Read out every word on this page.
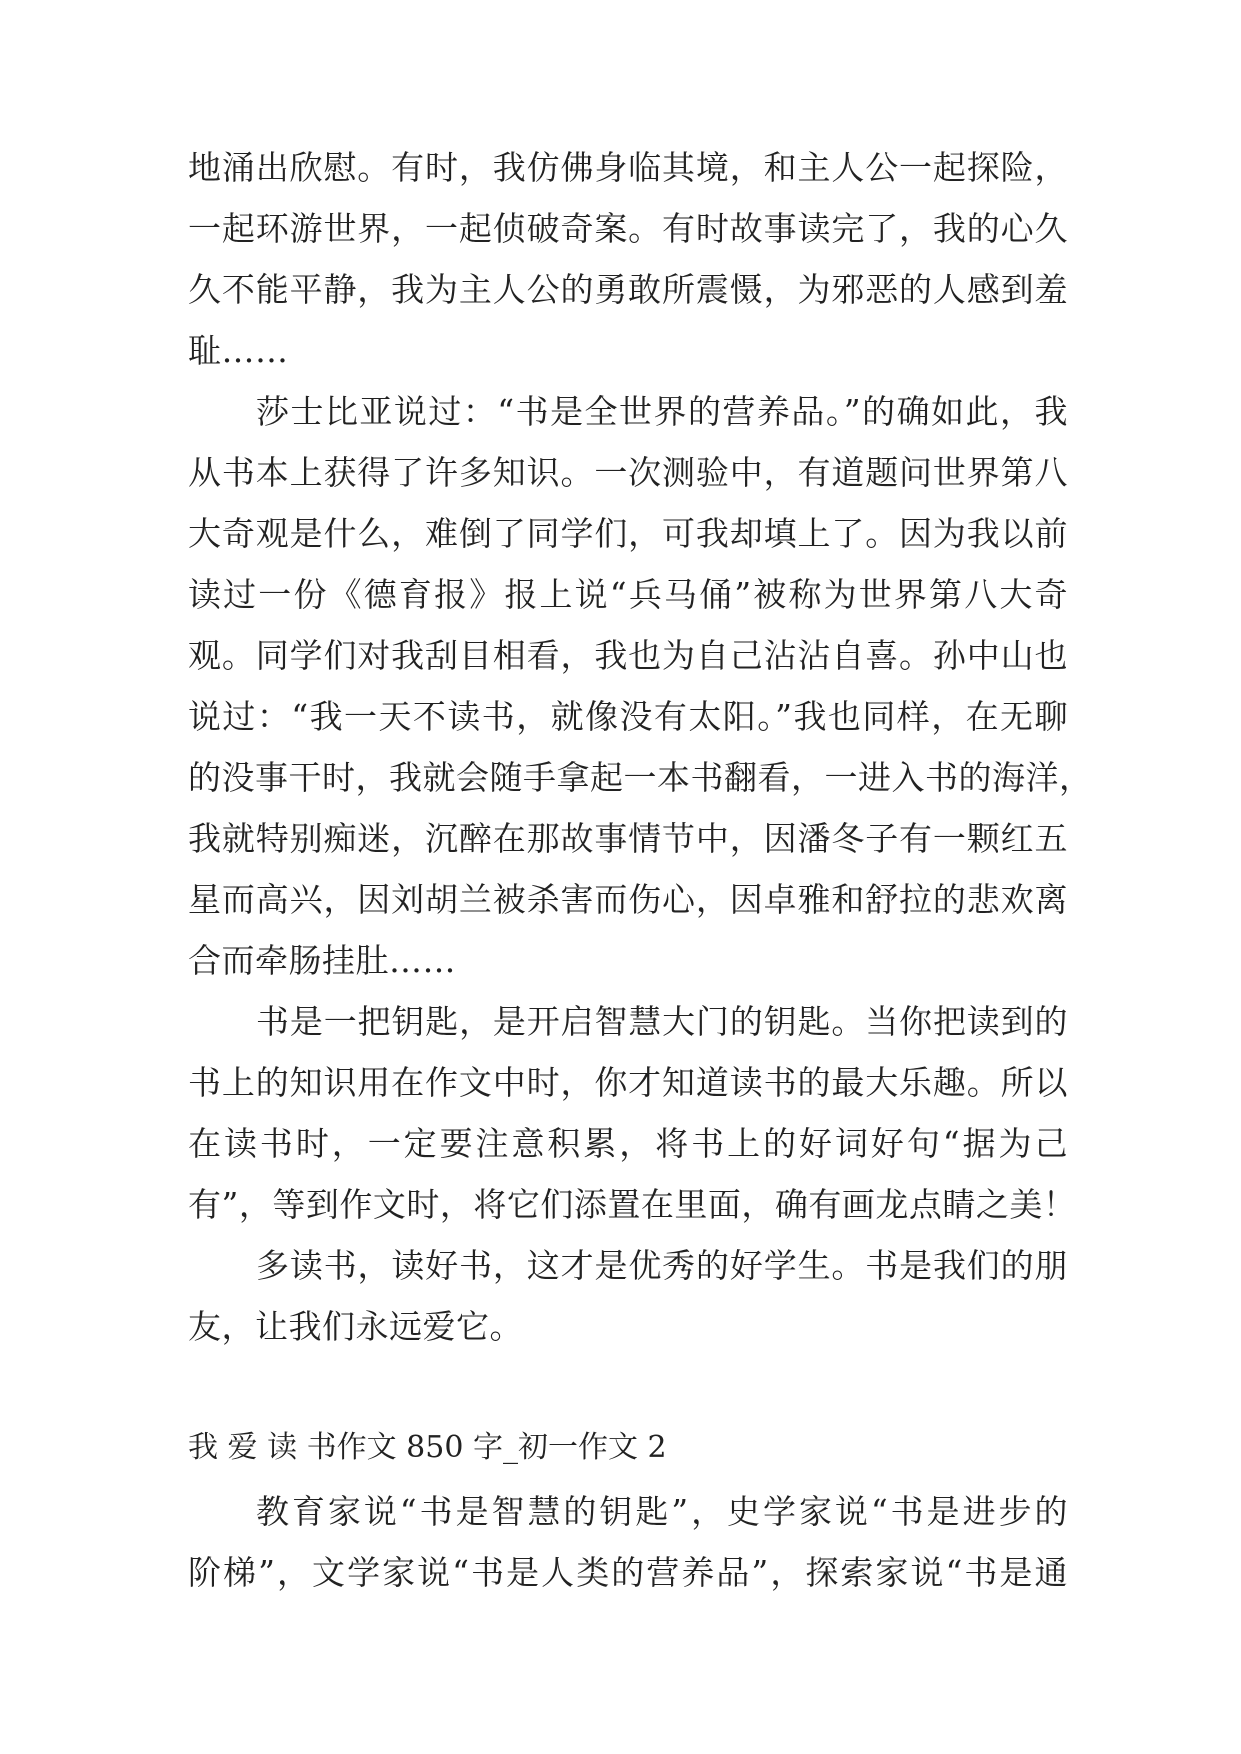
地涌出欣慰。有时，我仿佛身临其境，和主人公一起探险，
一起环游世界，一起侦破奇案。有时故事读完了，我的心久
久不能平静，我为主人公的勇敢所震慑，为邪恶的人感到羞
耻……
莎士比亚说过：“书是全世界的营养品。”的确如此，我
从书本上获得了许多知识。一次测验中，有道题问世界第八
大奇观是什么，难倒了同学们，可我却填上了。因为我以前
读过一份《德育报》报上说“兵马俑”被称为世界第八大奇
观。同学们对我刮目相看，我也为自己沾沾自喜。孙中山也
说过：“我一天不读书，就像没有太阳。”我也同样，在无聊
的没事干时，我就会随手拿起一本书翻看，一进入书的海洋，
我就特别痴迷，沉醉在那故事情节中，因潘冬子有一颗红五
星而高兴，因刘胡兰被杀害而伤心，因卓雅和舒拉的悲欢离
合而牵肠挂肚……
书是一把钥匙，是开启智慧大门的钥匙。当你把读到的
书上的知识用在作文中时，你才知道读书的最大乐趣。所以
在读书时，一定要注意积累，将书上的好词好句“据为己
有”，等到作文时，将它们添置在里面，确有画龙点睛之美！
多读书，读好书，这才是优秀的好学生。书是我们的朋
友，让我们永远爱它。
我 爱 读 书作文 850 字_初一作文 2
教育家说“书是智慧的钥匙”，史学家说“书是进步的
阶梯”，文学家说“书是人类的营养品”，探索家说“书是通
